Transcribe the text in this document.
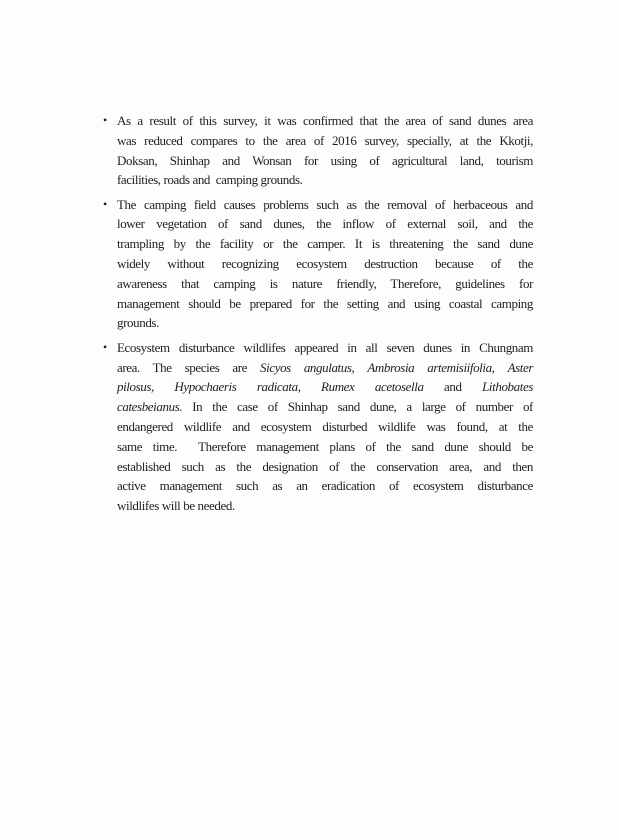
• As a result of this survey, it was confirmed that the area of sand dunes area
was reduced compares to the area of 2016 survey, specially, at the Kkotji,
Doksan, Shinhap and Wonsan for using of agricultural land, tourism
facilities, roads and  camping grounds.
• The camping field causes problems such as the removal of herbaceous and
lower vegetation of sand dunes, the inflow of external soil, and the
trampling by the facility or the camper. It is threatening the sand dune
widely without recognizing ecosystem destruction because of the
awareness that camping is nature friendly, Therefore, guidelines for
management should be prepared for the setting and using coastal camping
grounds.
• Ecosystem disturbance wildlifes appeared in all seven dunes in Chungnam
area. The species are Sicyos angulatus, Ambrosia artemisiifolia, Aster
pilosus, Hypochaeris radicata, Rumex acetosella and Lithobates
catesbeianus. In the case of Shinhap sand dune, a large of number of
endangered wildlife and ecosystem disturbed wildlife was found, at the
same time.  Therefore management plans of the sand dune should be
established such as the designation of the conservation area, and then
active management such as an eradication of ecosystem disturbance
wildlifes will be needed.
